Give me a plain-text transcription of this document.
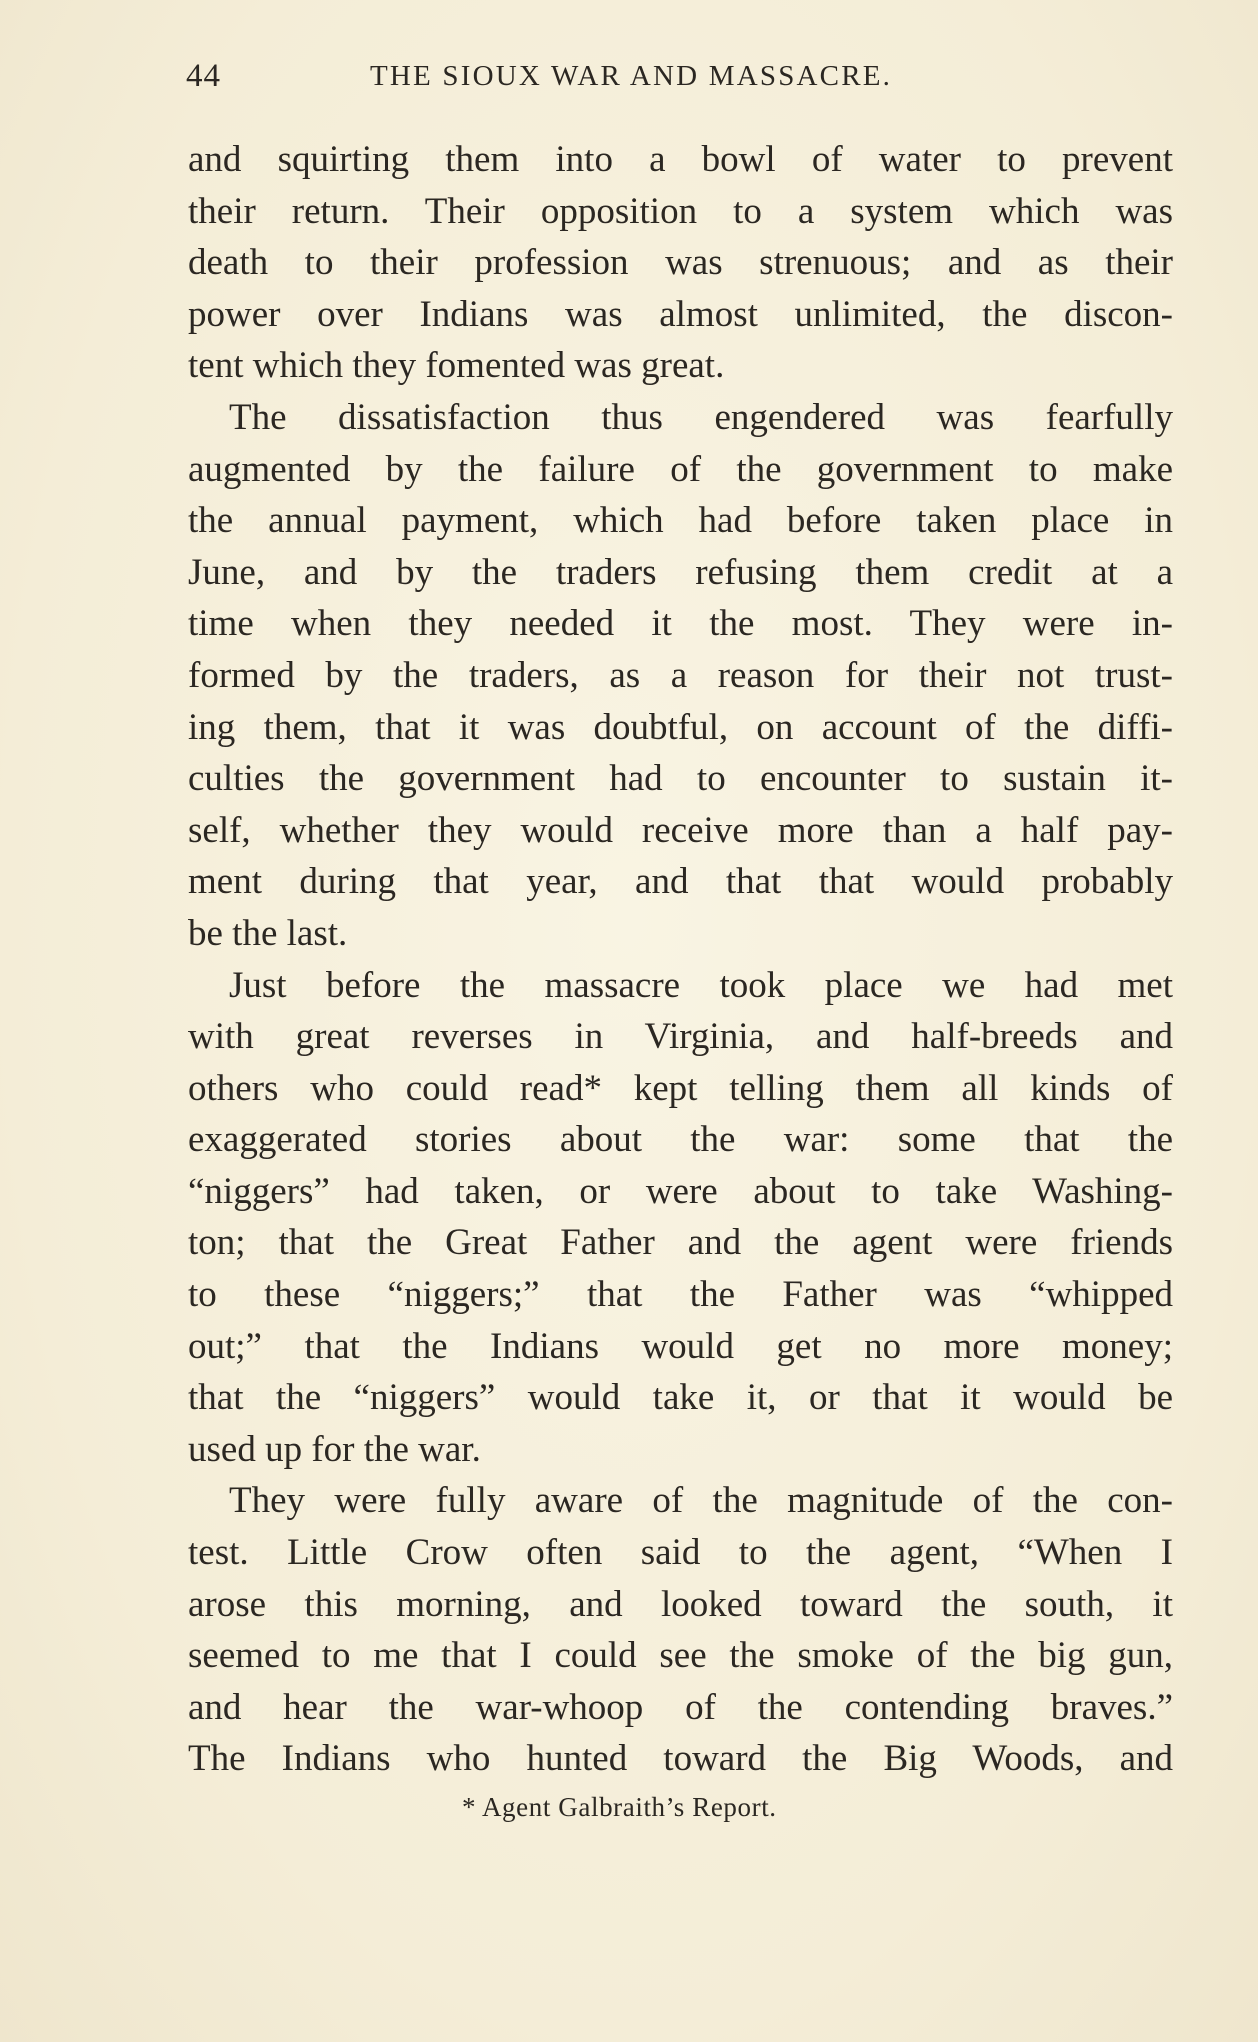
44	THE SIOUX WAR AND MASSACRE.
and squirting them into a bowl of water to prevent
their return. Their opposition to a system which was
death to their profession was strenuous; and as their
power over Indians was almost unlimited, the discon-
tent which they fomented was great.
The dissatisfaction thus engendered was fearfully
augmented by the failure of the government to make
the annual payment, which had before taken place in
June, and by the traders refusing them credit at a
time when they needed it the most. They were in-
formed by the traders, as a reason for their not trust-
ing them, that it was doubtful, on account of the diffi-
culties the government had to encounter to sustain it-
self, whether they would receive more than a half pay-
ment during that year, and that that would probably
be the last.
Just before the massacre took place we had met
with great reverses in Virginia, and half-breeds and
others who could read* kept telling them all kinds of
exaggerated stories about the war: some that the
“niggers” had taken, or were about to take Washing-
ton; that the Great Father and the agent were friends
to these “niggers;” that the Father was “whipped
out;” that the Indians would get no more money;
that the “niggers” would take it, or that it would be
used up for the war.
They were fully aware of the magnitude of the con-
test. Little Crow often said to the agent, “When I
arose this morning, and looked toward the south, it
seemed to me that I could see the smoke of the big gun,
and hear the war-whoop of the contending braves.”
The Indians who hunted toward the Big Woods, and
* Agent Galbraith’s Report.
